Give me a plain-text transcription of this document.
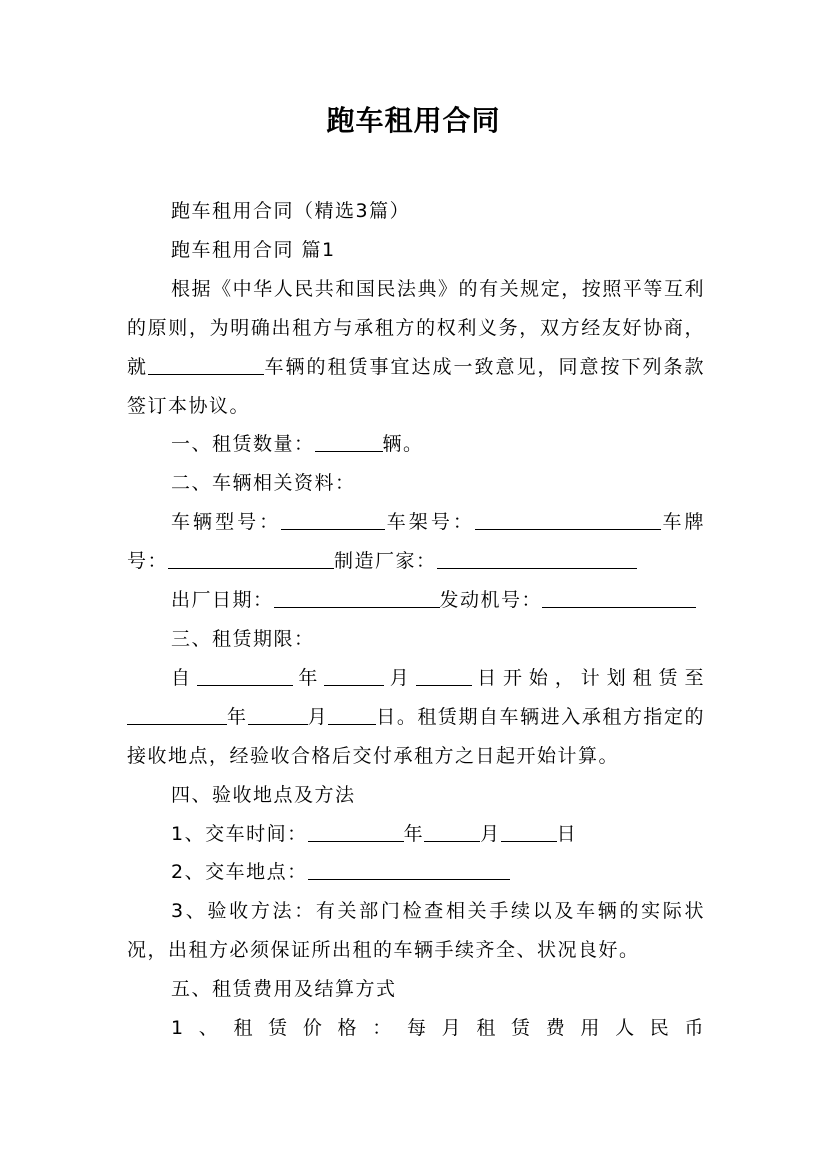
跑车租用合同

跑车租用合同（精选3篇）

跑车租用合同 篇1

根据《中华人民共和国民法典》的有关规定，按照平等互利的原则，为明确出租方与承租方的权利义务，双方经友好协商，就	车辆的租赁事宜达成一致意见，同意按下列条款签订本协议。

一、租赁数量：	辆。

二、车辆相关资料：

车辆型号：	车架号：	车牌号：	制造厂家：

出厂日期：	发动机号：

三、租赁期限：

自	年	月	日开始，计划租赁至年	月	日。租赁期自车辆进入承租方指定的接收地点，经验收合格后交付承租方之日起开始计算。

四、验收地点及方法

1、交车时间：	年	月	日

2、交车地点：

3、验收方法：有关部门检查相关手续以及车辆的实际状况，出租方必须保证所出租的车辆手续齐全、状况良好。

五、租赁费用及结算方式

1、租赁价格：每月租赁费用人民币
